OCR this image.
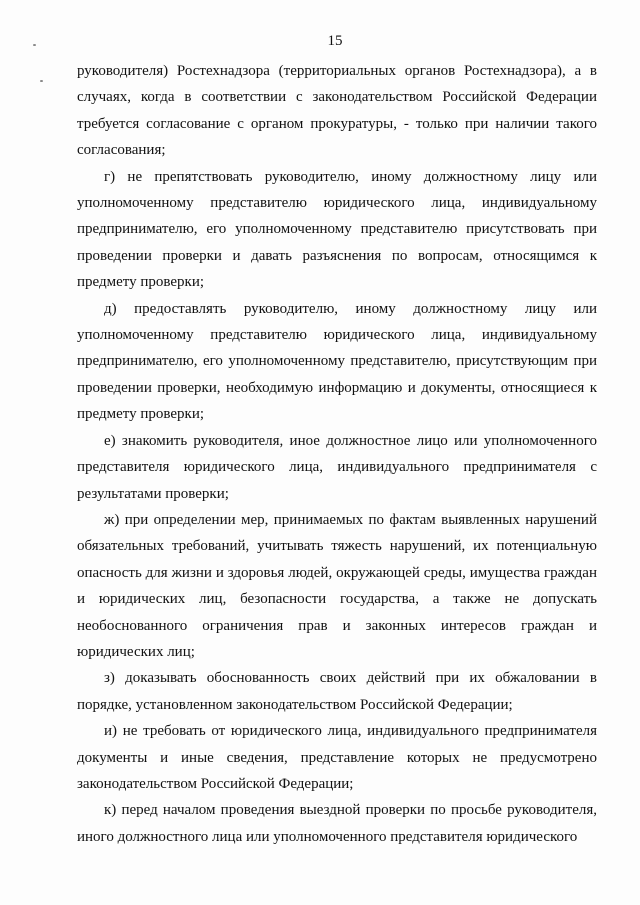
15

руководителя) Ростехнадзора (территориальных органов Ростехнадзора), а в случаях, когда в соответствии с законодательством Российской Федерации требуется согласование с органом прокуратуры, - только при наличии такого согласования;

г) не препятствовать руководителю, иному должностному лицу или уполномоченному представителю юридического лица, индивидуальному предпринимателю, его уполномоченному представителю присутствовать при проведении проверки и давать разъяснения по вопросам, относящимся к предмету проверки;

д) предоставлять руководителю, иному должностному лицу или уполномоченному представителю юридического лица, индивидуальному предпринимателю, его уполномоченному представителю, присутствующим при проведении проверки, необходимую информацию и документы, относящиеся к предмету проверки;

е) знакомить руководителя, иное должностное лицо или уполномоченного представителя юридического лица, индивидуального предпринимателя с результатами проверки;

ж) при определении мер, принимаемых по фактам выявленных нарушений обязательных требований, учитывать тяжесть нарушений, их потенциальную опасность для жизни и здоровья людей, окружающей среды, имущества граждан и юридических лиц, безопасности государства, а также не допускать необоснованного ограничения прав и законных интересов граждан и юридических лиц;

з) доказывать обоснованность своих действий при их обжаловании в порядке, установленном законодательством Российской Федерации;

и) не требовать от юридического лица, индивидуального предпринимателя документы и иные сведения, представление которых не предусмотрено законодательством Российской Федерации;

к) перед началом проведения выездной проверки по просьбе руководителя, иного должностного лица или уполномоченного представителя юридического
